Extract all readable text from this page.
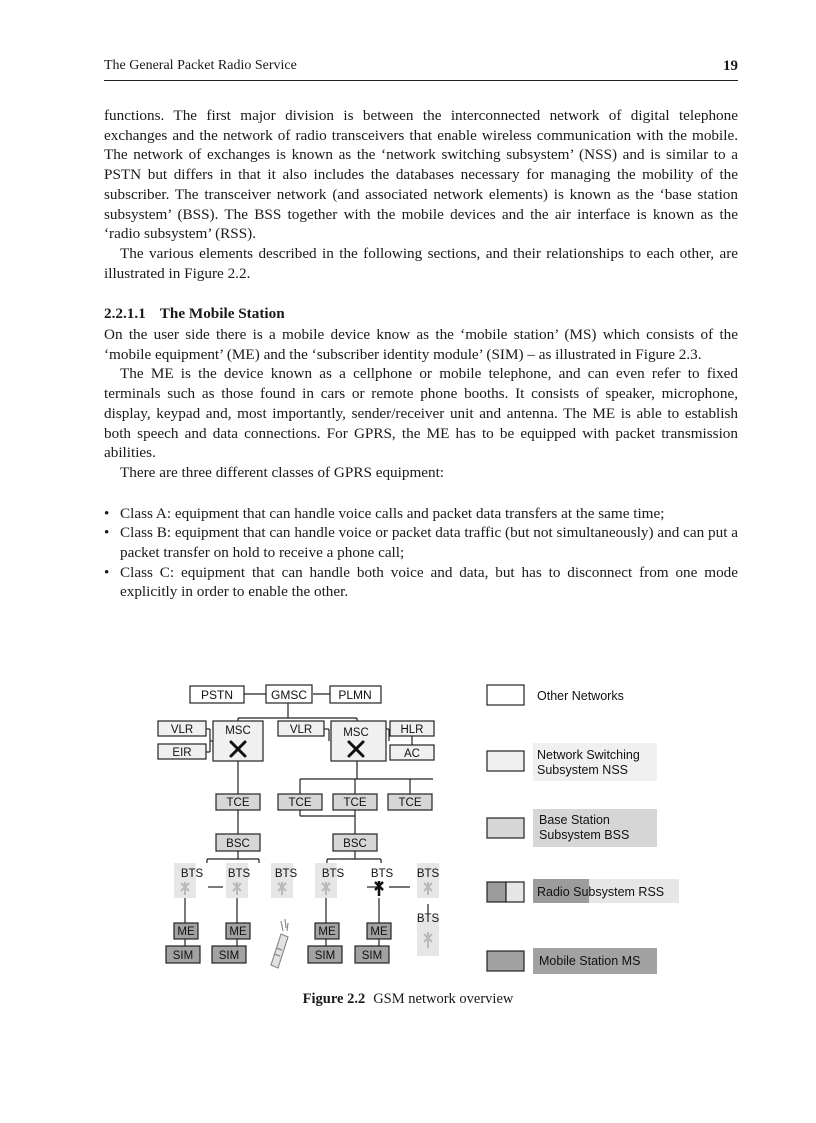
The General Packet Radio Service	19

functions. The first major division is between the interconnected network of digital telephone exchanges and the network of radio transceivers that enable wireless communication with the mobile. The network of exchanges is known as the ‘network switching subsystem’ (NSS) and is similar to a PSTN but differs in that it also includes the databases necessary for managing the mobility of the subscriber. The transceiver network (and associated network elements) is known as the ‘base station subsystem’ (BSS). The BSS together with the mobile devices and the air interface is known as the ‘radio subsystem’ (RSS).

The various elements described in the following sections, and their relationships to each other, are illustrated in Figure 2.2.

2.2.1.1 The Mobile Station

On the user side there is a mobile device know as the ‘mobile station’ (MS) which consists of the ‘mobile equipment’ (ME) and the ‘subscriber identity module’ (SIM) – as illustrated in Figure 2.3.

The ME is the device known as a cellphone or mobile telephone, and can even refer to fixed terminals such as those found in cars or remote phone booths. It consists of speaker, microphone, display, keypad and, most importantly, sender/receiver unit and antenna. The ME is able to establish both speech and data connections. For GPRS, the ME has to be equipped with packet transmission abilities.

There are three different classes of GPRS equipment:

• Class A: equipment that can handle voice calls and packet data transfers at the same time;
• Class B: equipment that can handle voice or packet data traffic (but not simultaneously) and can put a packet transfer on hold to receive a phone call;
• Class C: equipment that can handle both voice and data, but has to disconnect from one mode explicitly in order to enable the other.
PSTN	GMSC	PLMN
VLR
EIR
MSC	VLR	MSC	HLR
AC
TCE	TCE	TCE	TCE
BSC	BSC
BTS BTS BTS BTS BTS BTS
BTS
ME	ME	ME	ME
SIM SIM	SIM SIM
Other Networks
Network Switching
Subsystem NSS
Base Station
Subsystem BSS
Radio Subsystem RSS
Mobile Station MS
Figure 2.2 GSM network overview
